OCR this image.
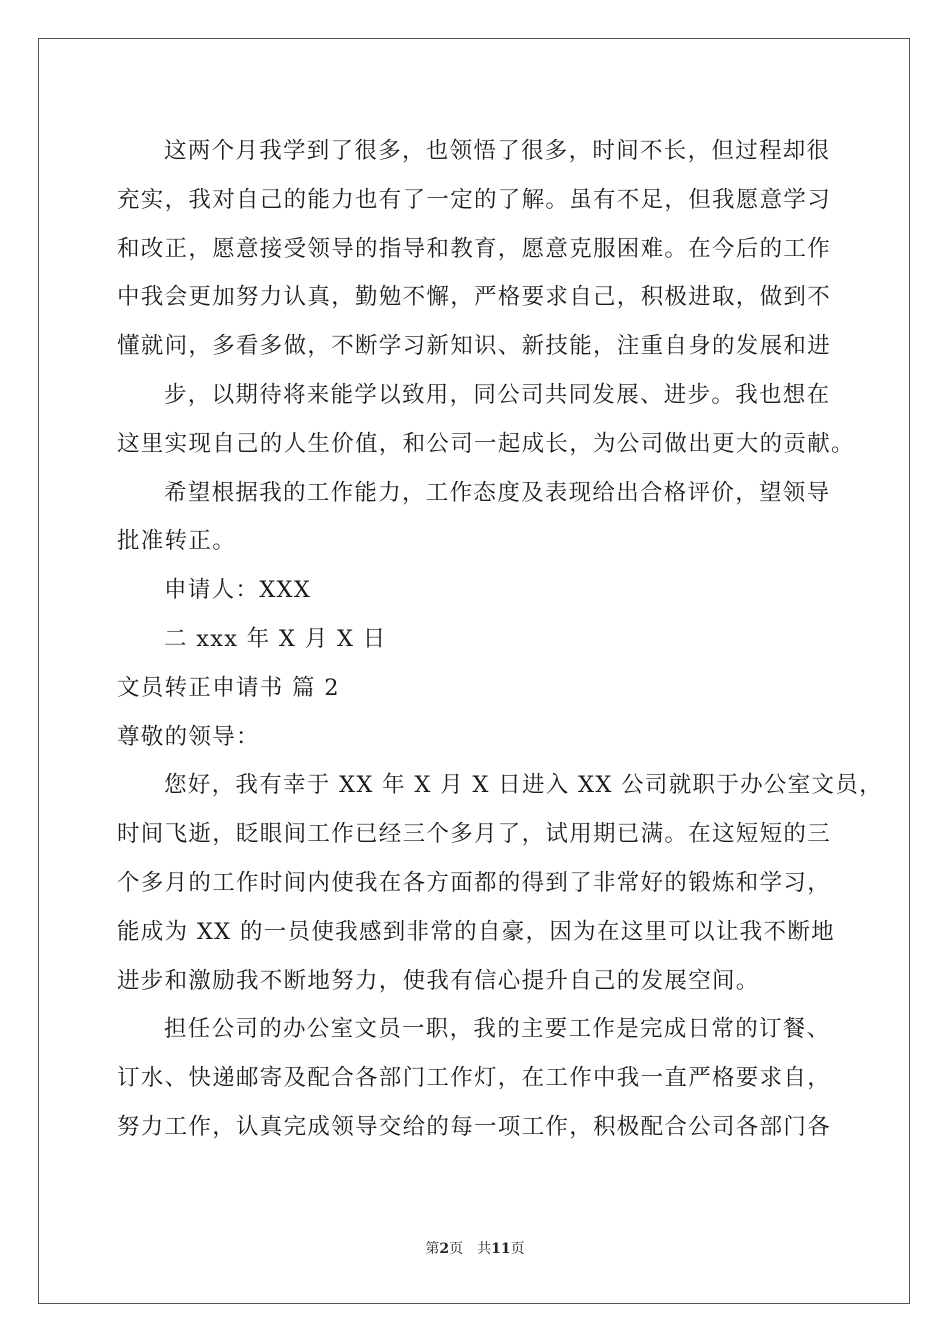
这两个月我学到了很多，也领悟了很多，时间不长，但过程却很
充实，我对自己的能力也有了一定的了解。虽有不足，但我愿意学习
和改正，愿意接受领导的指导和教育，愿意克服困难。在今后的工作
中我会更加努力认真，勤勉不懈，严格要求自己，积极进取，做到不
懂就问，多看多做，不断学习新知识、新技能，注重自身的发展和进
步，以期待将来能学以致用，同公司共同发展、进步。我也想在
这里实现自己的人生价值，和公司一起成长，为公司做出更大的贡献。
希望根据我的工作能力，工作态度及表现给出合格评价，望领导
批准转正。
申请人：XXX
二 xxx 年 X 月 X 日
文员转正申请书 篇 2
尊敬的领导：
您好，我有幸于 XX 年 X 月 X 日进入 XX 公司就职于办公室文员，
时间飞逝，眨眼间工作已经三个多月了，试用期已满。在这短短的三
个多月的工作时间内使我在各方面都的得到了非常好的锻炼和学习，
能成为 XX 的一员使我感到非常的自豪，因为在这里可以让我不断地
进步和激励我不断地努力，使我有信心提升自己的发展空间。
担任公司的办公室文员一职，我的主要工作是完成日常的订餐、
订水、快递邮寄及配合各部门工作灯，在工作中我一直严格要求自，
努力工作，认真完成领导交给的每一项工作，积极配合公司各部门各
第2页　共11页
